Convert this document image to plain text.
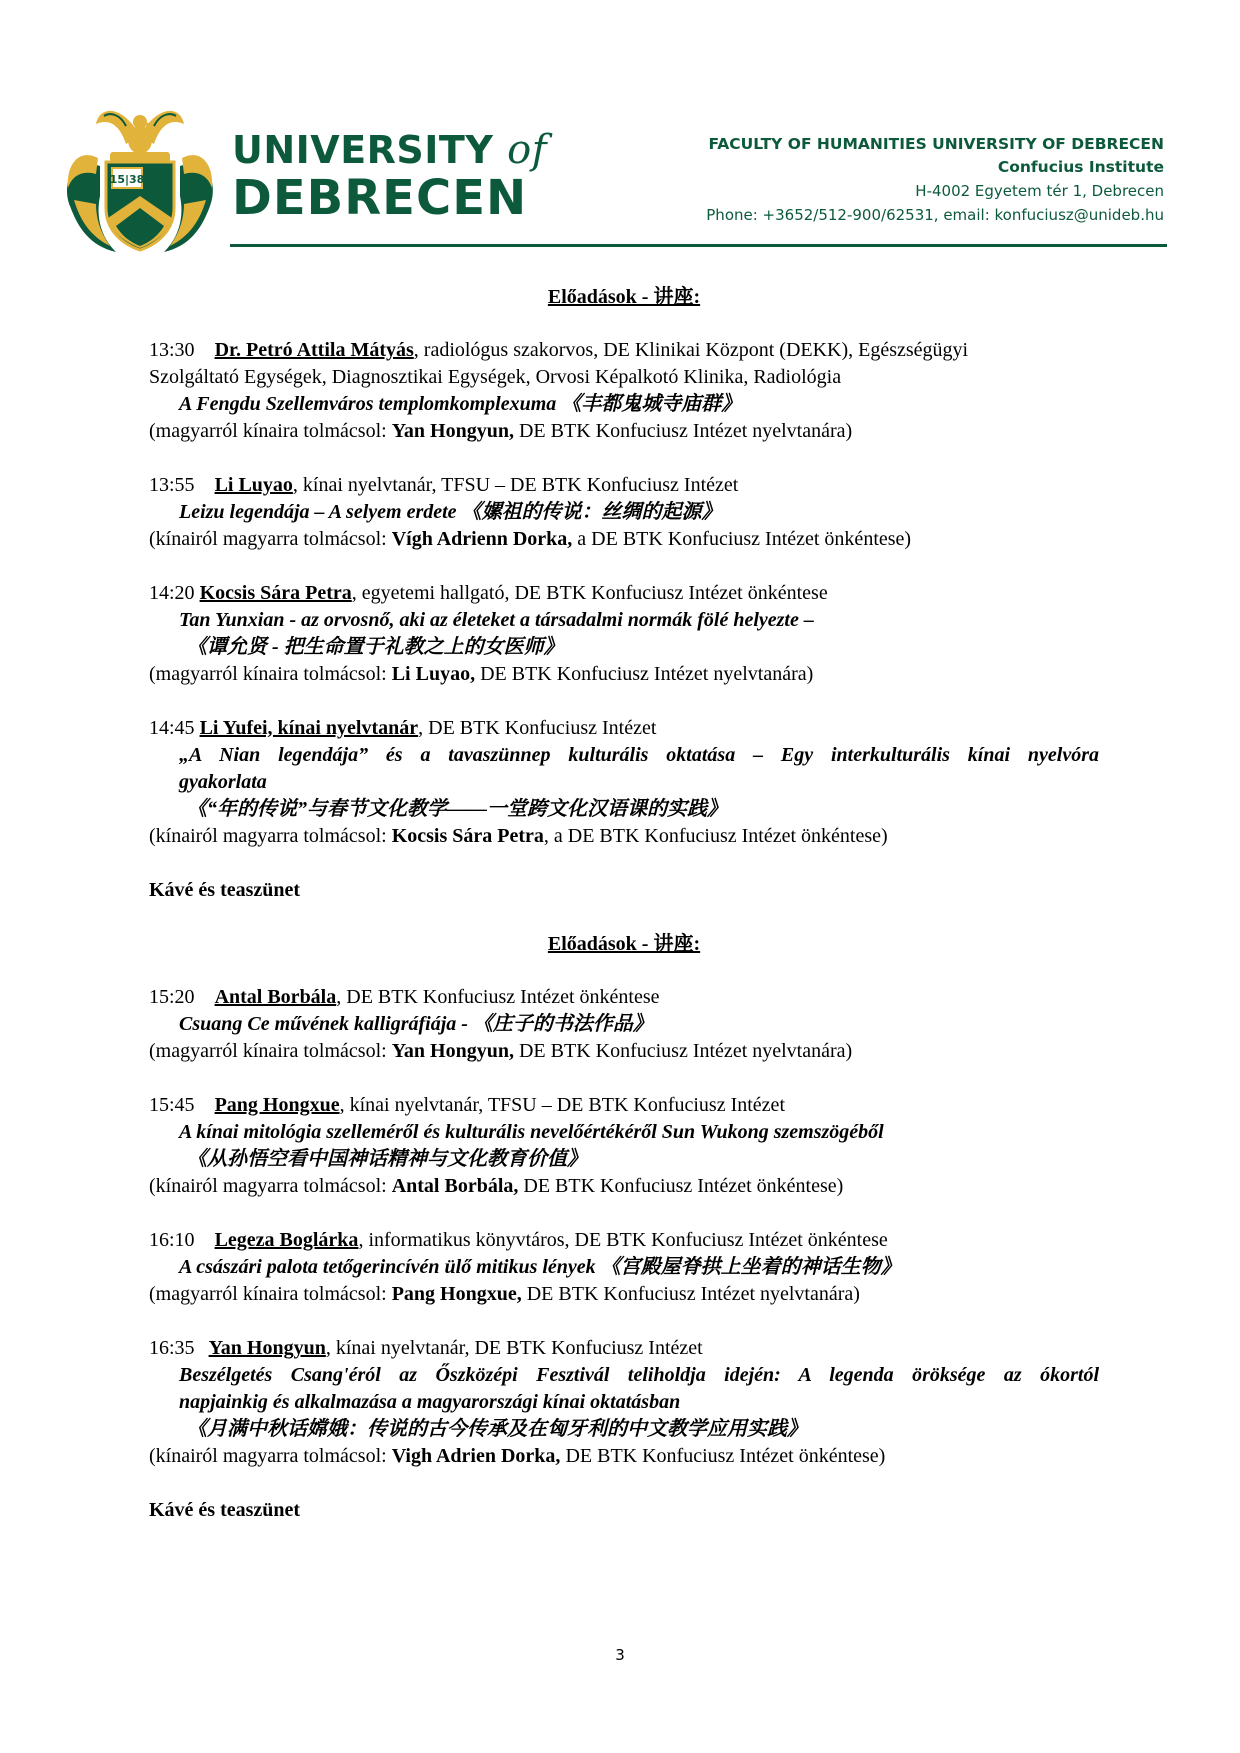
15|38
UNIVERSITY of
DEBRECEN
FACULTY OF HUMANITIES UNIVERSITY OF DEBRECEN
Confucius Institute
H-4002 Egyetem tér 1, Debrecen
Phone: +3652/512-900/62531, email: konfuciusz@unideb.hu
Előadások - 讲座:
13:30 Dr. Petró Attila Mátyás, radiológus szakorvos, DE Klinikai Központ (DEKK), Egészségügyi
Szolgáltató Egységek, Diagnosztikai Egységek, Orvosi Képalkotó Klinika, Radiológia
A Fengdu Szellemváros templomkomplexuma 《丰都鬼城寺庙群》
(magyarról kínaira tolmácsol: Yan Hongyun, DE BTK Konfuciusz Intézet nyelvtanára)
13:55 Li Luyao, kínai nyelvtanár, TFSU – DE BTK Konfuciusz Intézet
Leizu legendája – A selyem erdete 《嫘祖的传说：丝绸的起源》
(kínairól magyarra tolmácsol: Vígh Adrienn Dorka, a DE BTK Konfuciusz Intézet önkéntese)
14:20 Kocsis Sára Petra, egyetemi hallgató, DE BTK Konfuciusz Intézet önkéntese
Tan Yunxian - az orvosnő, aki az életeket a társadalmi normák fölé helyezte –
《谭允贤 - 把生命置于礼教之上的女医师》
(magyarról kínaira tolmácsol: Li Luyao, DE BTK Konfuciusz Intézet nyelvtanára)
14:45 Li Yufei, kínai nyelvtanár, DE BTK Konfuciusz Intézet
„A Nian legendája” és a tavaszünnep kulturális oktatása – Egy interkulturális kínai nyelvóra
gyakorlata
《“年的传说”与春节文化教学——一堂跨文化汉语课的实践》
(kínairól magyarra tolmácsol: Kocsis Sára Petra, a DE BTK Konfuciusz Intézet önkéntese)
Kávé és teaszünet
Előadások - 讲座:
15:20 Antal Borbála, DE BTK Konfuciusz Intézet önkéntese
Csuang Ce művének kalligráfiája - 《庄子的书法作品》
(magyarról kínaira tolmácsol: Yan Hongyun, DE BTK Konfuciusz Intézet nyelvtanára)
15:45 Pang Hongxue, kínai nyelvtanár, TFSU – DE BTK Konfuciusz Intézet
A kínai mitológia szelleméről és kulturális nevelőértékéről Sun Wukong szemszögéből
《从孙悟空看中国神话精神与文化教育价值》
(kínairól magyarra tolmácsol: Antal Borbála, DE BTK Konfuciusz Intézet önkéntese)
16:10 Legeza Boglárka, informatikus könyvtáros, DE BTK Konfuciusz Intézet önkéntese
A császári palota tetőgerincívén ülő mitikus lények 《宫殿屋脊拱上坐着的神话生物》
(magyarról kínaira tolmácsol: Pang Hongxue, DE BTK Konfuciusz Intézet nyelvtanára)
16:35 Yan Hongyun, kínai nyelvtanár, DE BTK Konfuciusz Intézet
Beszélgetés Csang'éról az Őszközépi Fesztivál teliholdja idején: A legenda öröksége az ókortól
napjainkig és alkalmazása a magyarországi kínai oktatásban
《月满中秋话嫦娥：传说的古今传承及在匈牙利的中文教学应用实践》
(kínairól magyarra tolmácsol: Vigh Adrien Dorka, DE BTK Konfuciusz Intézet önkéntese)
Kávé és teaszünet
3
